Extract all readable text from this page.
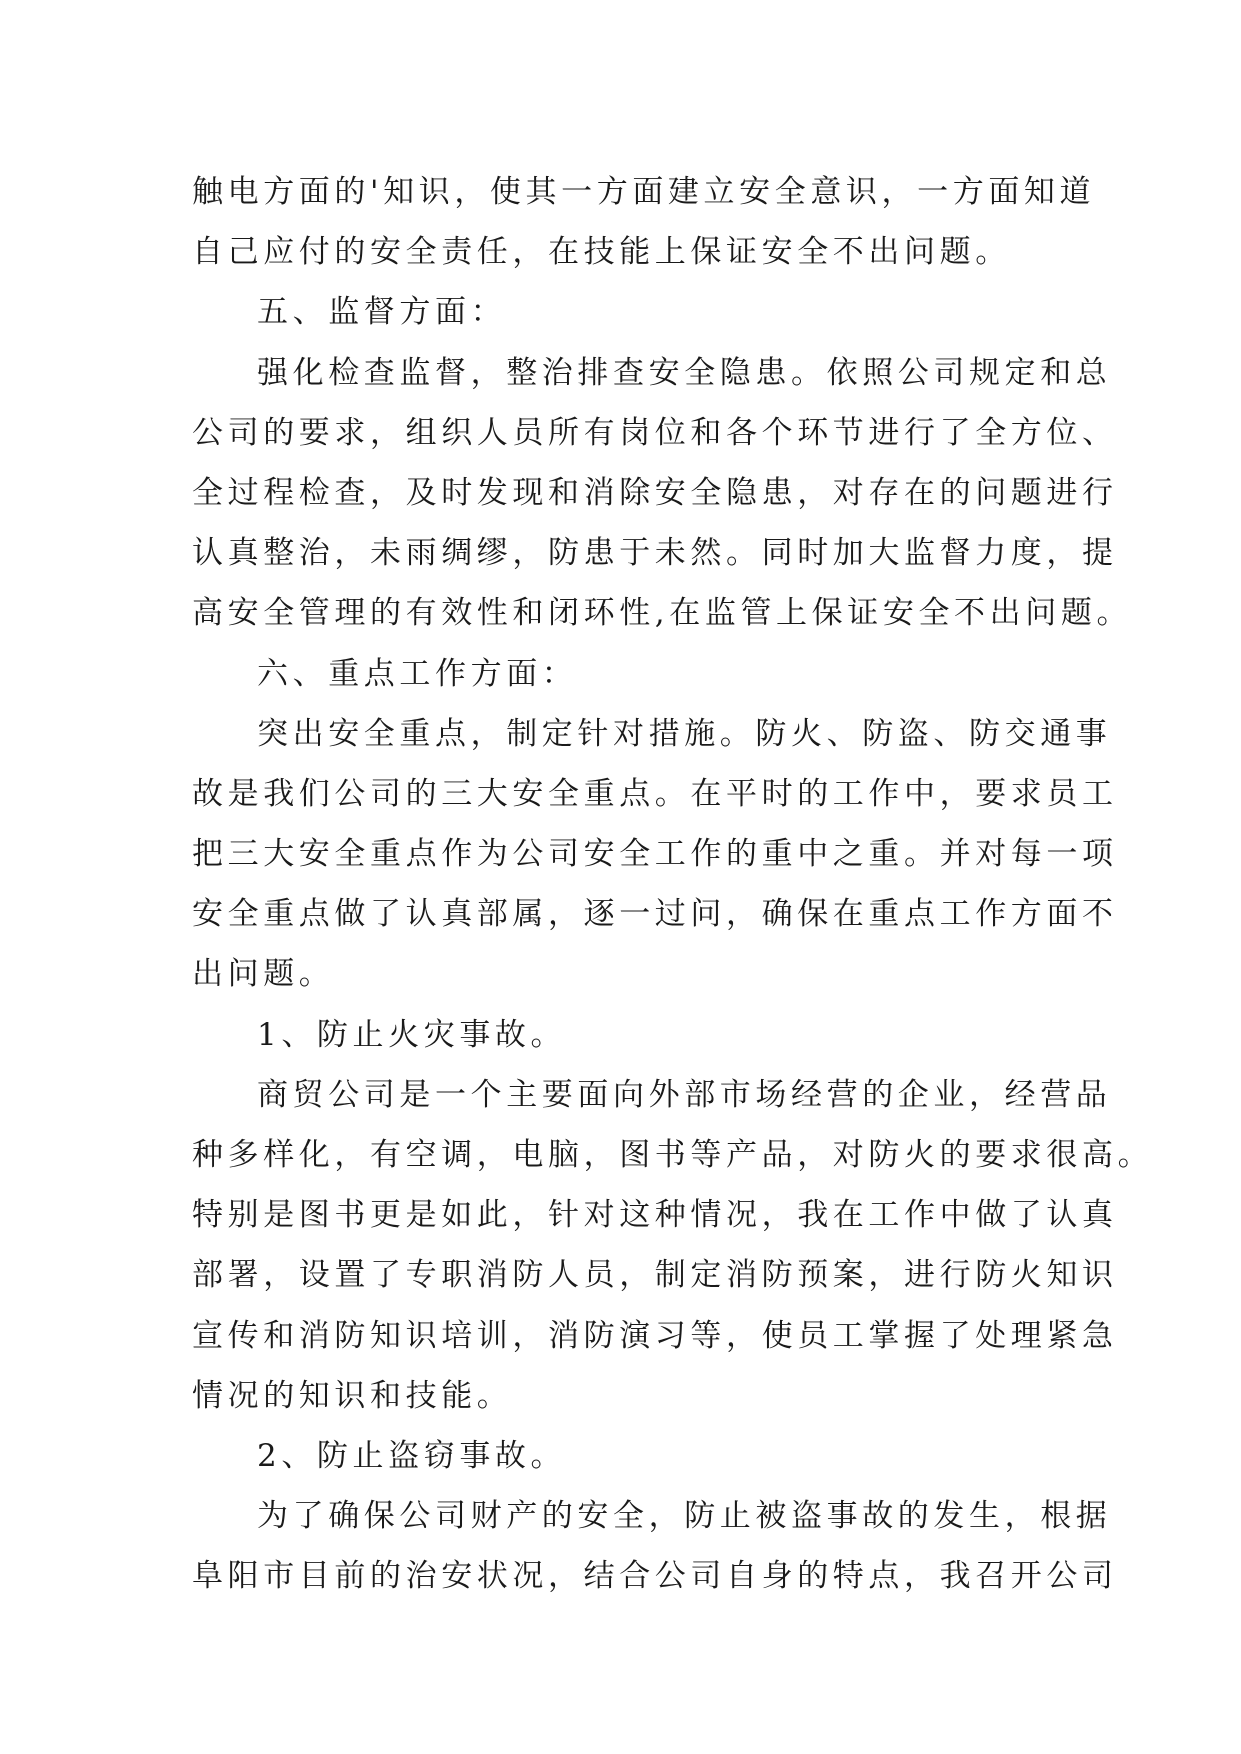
触电方面的'知识，使其一方面建立安全意识，一方面知道
自己应付的安全责任，在技能上保证安全不出问题。
五、监督方面：
强化检查监督，整治排查安全隐患。依照公司规定和总
公司的要求，组织人员所有岗位和各个环节进行了全方位、
全过程检查，及时发现和消除安全隐患，对存在的问题进行
认真整治，未雨绸缪，防患于未然。同时加大监督力度，提
高安全管理的有效性和闭环性,在监管上保证安全不出问题。
六、重点工作方面：
突出安全重点，制定针对措施。防火、防盗、防交通事
故是我们公司的三大安全重点。在平时的工作中，要求员工
把三大安全重点作为公司安全工作的重中之重。并对每一项
安全重点做了认真部属，逐一过问，确保在重点工作方面不
出问题。
1、防止火灾事故。
商贸公司是一个主要面向外部市场经营的企业，经营品
种多样化，有空调，电脑，图书等产品，对防火的要求很高。
特别是图书更是如此，针对这种情况，我在工作中做了认真
部署，设置了专职消防人员，制定消防预案，进行防火知识
宣传和消防知识培训，消防演习等，使员工掌握了处理紧急
情况的知识和技能。
2、防止盗窃事故。
为了确保公司财产的安全，防止被盗事故的发生，根据
阜阳市目前的治安状况，结合公司自身的特点，我召开公司
